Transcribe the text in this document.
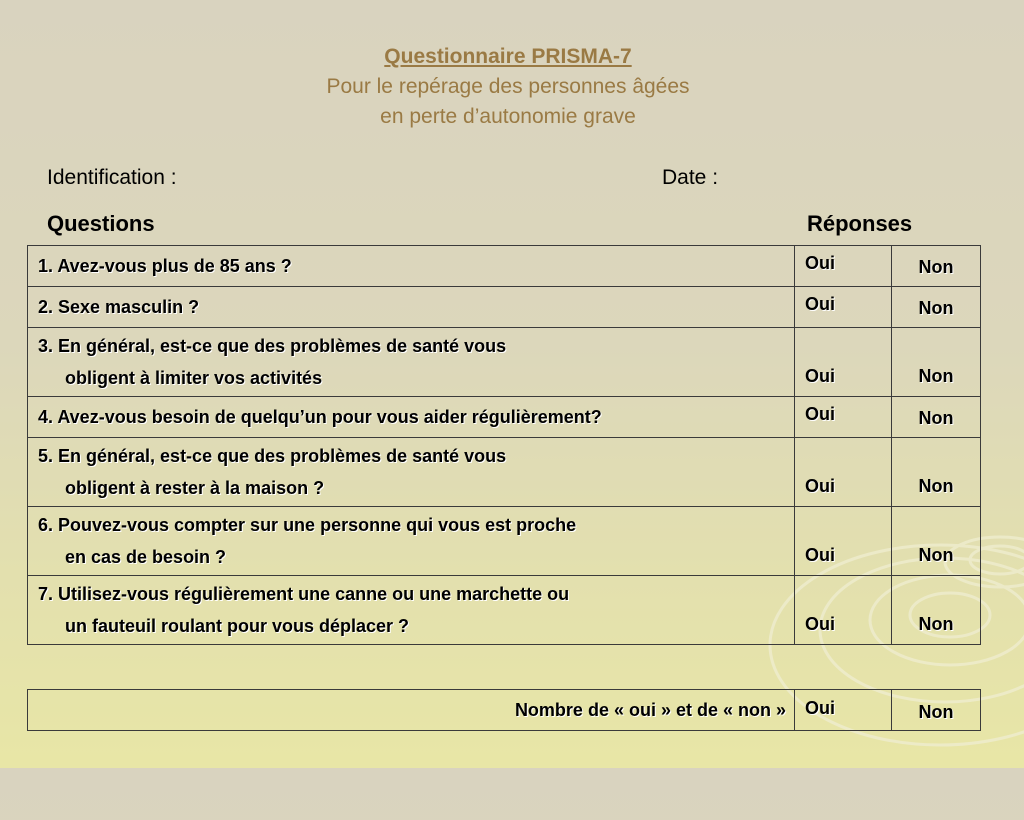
Questionnaire PRISMA-7
Pour le repérage des personnes âgées
en perte d’autonomie grave
Identification :	Date :
Questions	Réponses
1. Avez-vous plus de 85 ans ?	Oui	Non

2. Sexe masculin ?	Oui	Non

3. En général, est-ce que des problèmes de santé vous
obligent à limiter vos activités	Oui	Non

4. Avez-vous besoin de quelqu’un pour vous aider régulièrement?	Oui	Non

5. En général, est-ce que des problèmes de santé vous
obligent à rester à la maison ?	Oui	Non

6. Pouvez-vous compter sur une personne qui vous est proche
en cas de besoin ?	Oui	Non

7. Utilisez-vous régulièrement une canne ou une marchette ou
un fauteuil roulant pour vous déplacer ?	Oui	Non
Nombre de « oui » et de « non »	Oui	Non
